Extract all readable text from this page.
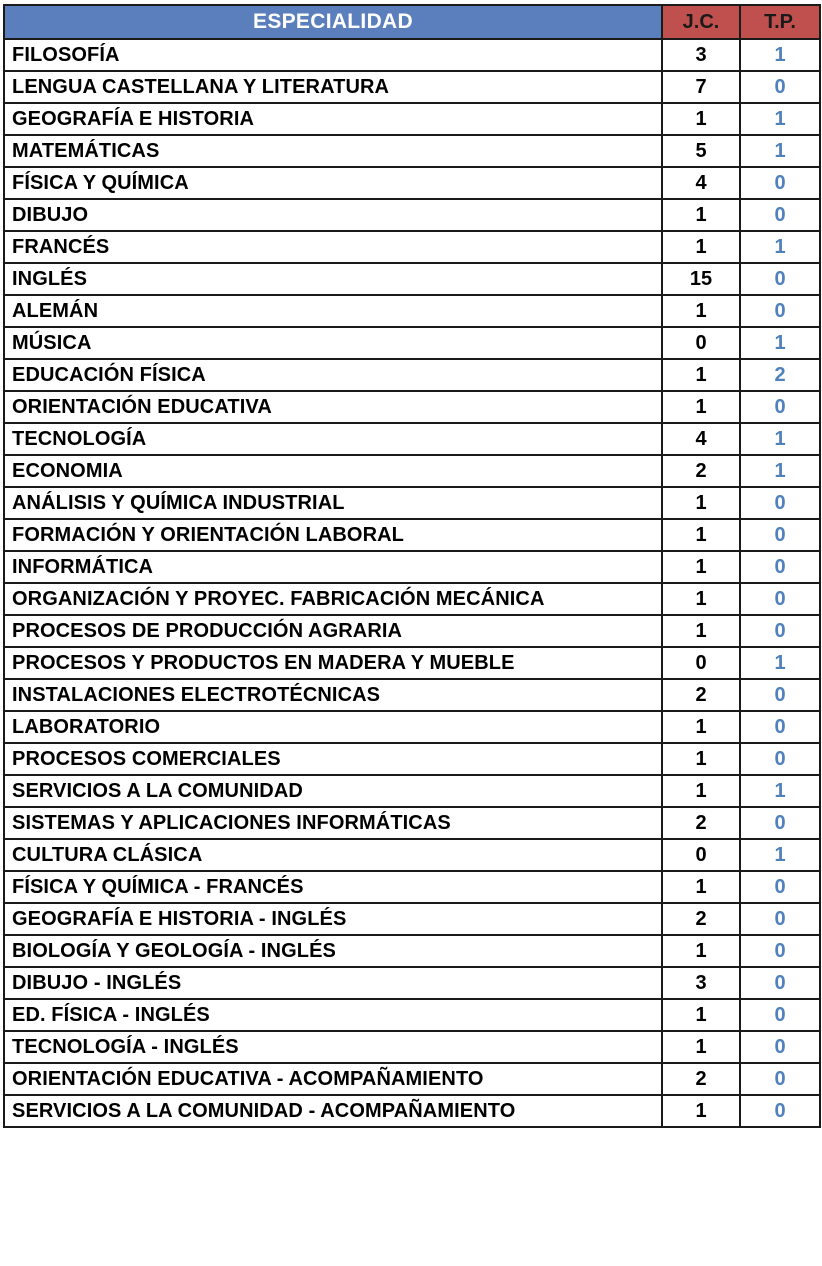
ESPECIALIDAD	J.C.	T.P.
FILOSOFÍA	3	1
LENGUA CASTELLANA Y LITERATURA	7	0
GEOGRAFÍA E HISTORIA	1	1
MATEMÁTICAS	5	1
FÍSICA Y QUÍMICA	4	0
DIBUJO	1	0
FRANCÉS	1	1
INGLÉS	15	0
ALEMÁN	1	0
MÚSICA	0	1
EDUCACIÓN FÍSICA	1	2
ORIENTACIÓN EDUCATIVA	1	0
TECNOLOGÍA	4	1
ECONOMIA	2	1
ANÁLISIS Y QUÍMICA INDUSTRIAL	1	0
FORMACIÓN Y ORIENTACIÓN LABORAL	1	0
INFORMÁTICA	1	0
ORGANIZACIÓN Y PROYEC. FABRICACIÓN MECÁNICA	1	0
PROCESOS DE PRODUCCIÓN AGRARIA	1	0
PROCESOS Y PRODUCTOS EN MADERA Y MUEBLE	0	1
INSTALACIONES ELECTROTÉCNICAS	2	0
LABORATORIO	1	0
PROCESOS COMERCIALES	1	0
SERVICIOS A LA COMUNIDAD	1	1
SISTEMAS Y APLICACIONES INFORMÁTICAS	2	0
CULTURA CLÁSICA	0	1
FÍSICA Y QUÍMICA - FRANCÉS	1	0
GEOGRAFÍA E HISTORIA - INGLÉS	2	0
BIOLOGÍA Y GEOLOGÍA - INGLÉS	1	0
DIBUJO - INGLÉS	3	0
ED. FÍSICA - INGLÉS	1	0
TECNOLOGÍA - INGLÉS	1	0
ORIENTACIÓN EDUCATIVA - ACOMPAÑAMIENTO	2	0
SERVICIOS A LA COMUNIDAD - ACOMPAÑAMIENTO	1	0
